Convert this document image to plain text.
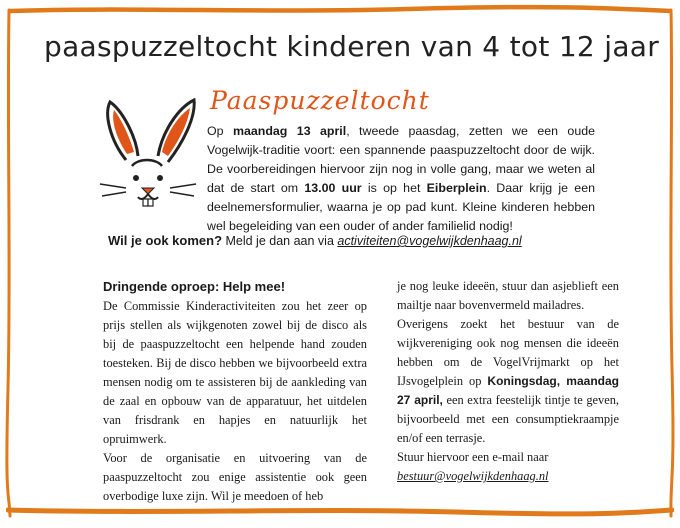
paaspuzzeltocht kinderen van 4 tot 12 jaar
Paaspuzzeltocht
Op maandag 13 april, tweede paasdag, zetten we een oude Vogelwijk-traditie voort: een spannende paaspuzzeltocht door de wijk. De voorbereidingen hiervoor zijn nog in volle gang, maar we weten al dat de start om 13.00 uur is op het Eiberplein. Daar krijg je een deelnemersformulier, waarna je op pad kunt. Kleine kinderen hebben wel begeleiding van een ouder of ander familielid nodig!
Wil je ook komen? Meld je dan aan via activiteiten@vogelwijkdenhaag.nl
Dringende oproep: Help mee!

De Commissie Kinderactiviteiten zou het zeer op prijs stellen als wijkgenoten zowel bij de disco als bij de paaspuzzeltocht een helpende hand zouden toesteken. Bij de disco hebben we bijvoorbeeld extra mensen nodig om te assisteren bij de aankleding van de zaal en opbouw van de apparatuur, het uitdelen van frisdrank en hapjes en natuurlijk het opruimwerk.

Voor de organisatie en uitvoering van de paaspuzzeltocht zou enige assistentie ook geen overbodige luxe zijn. Wil je meedoen of heb

je nog leuke ideeën, stuur dan asjeblieft een mailtje naar bovenvermeld mailadres.

Overigens zoekt het bestuur van de wijkvereniging ook nog mensen die ideeën hebben om de VogelVrijmarkt op het IJsvogelplein op Koningsdag, maandag 27 april, een extra feestelijk tintje te geven, bijvoorbeeld met een consumptiekraampje en/of een terrasje.

Stuur hiervoor een e-mail naar

bestuur@vogelwijkdenhaag.nl
